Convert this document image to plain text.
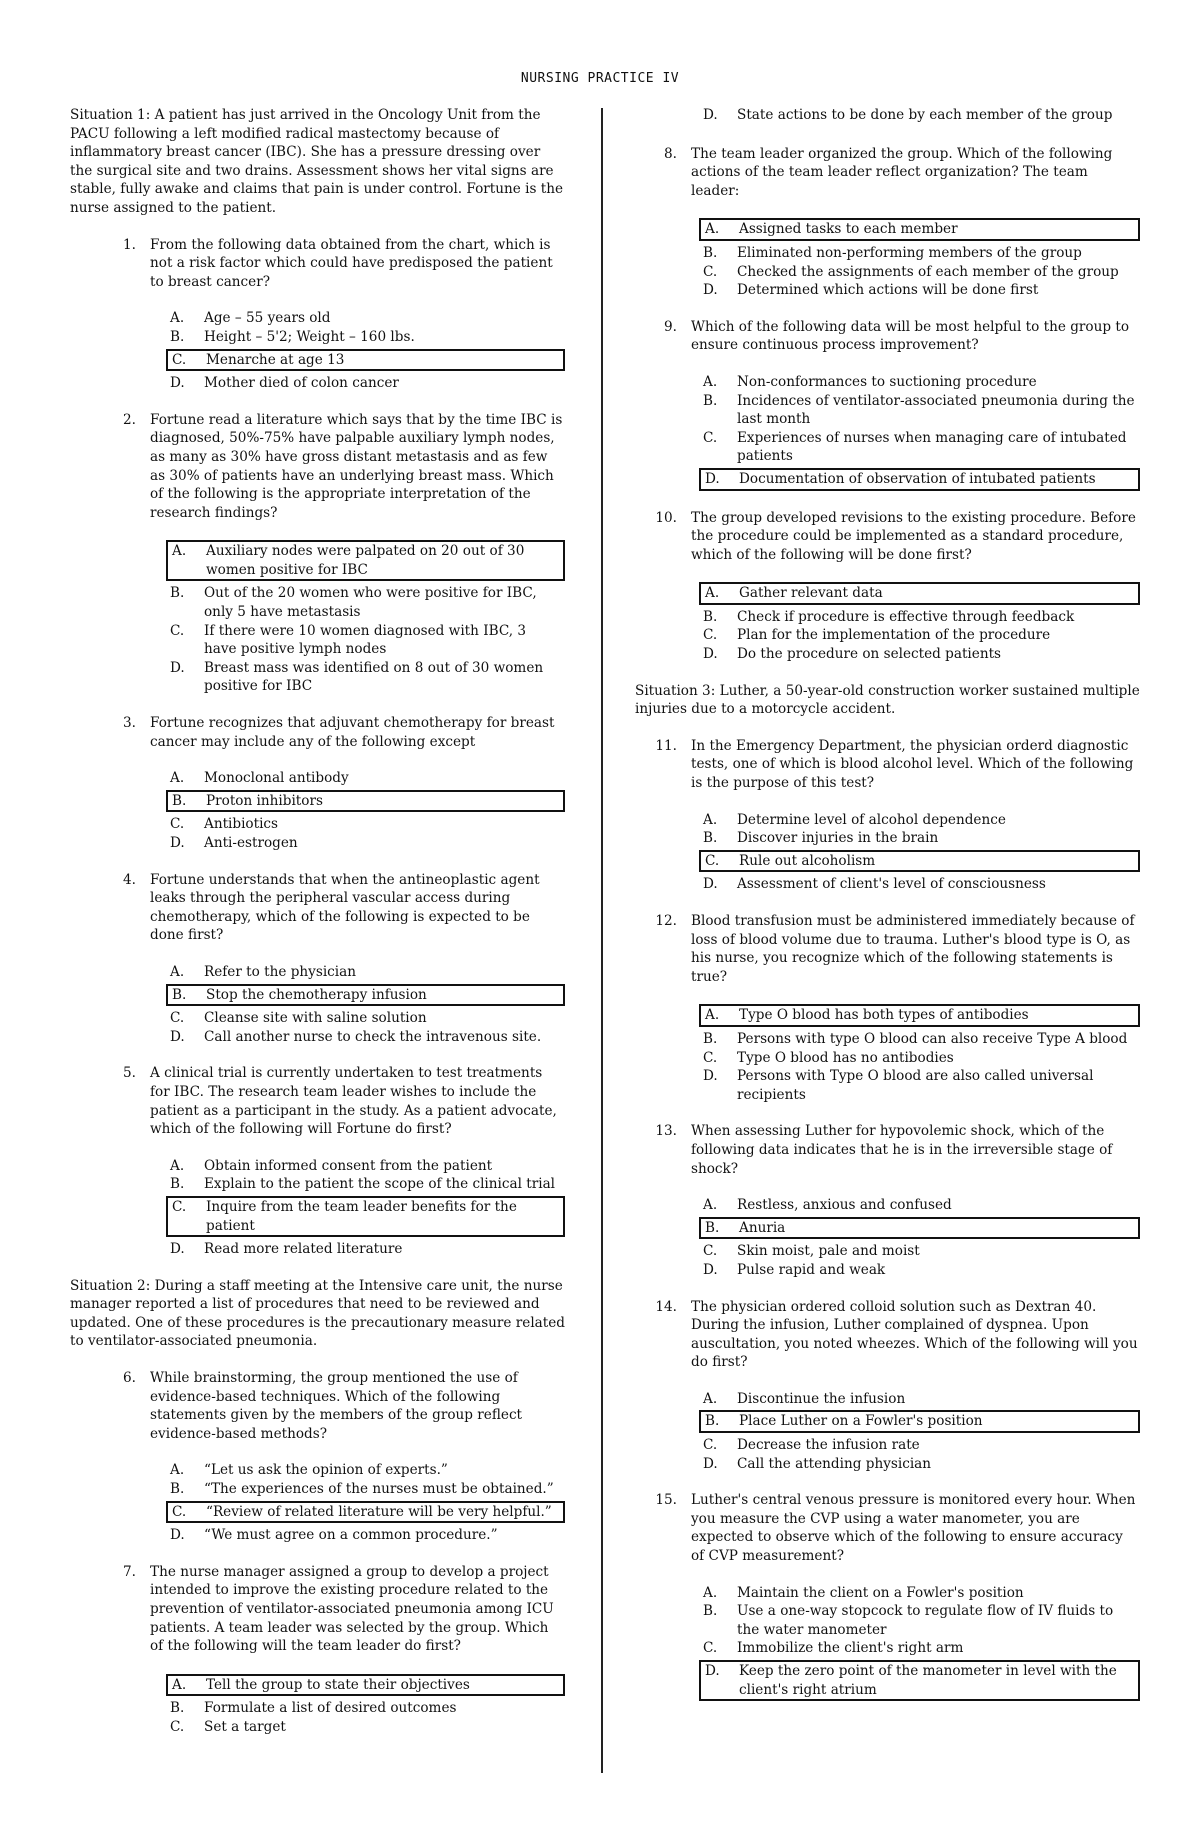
NURSING PRACTICE IV
Situation 1: A patient has just arrived in the Oncology Unit from the PACU following a left modified radical mastectomy because of inflammatory breast cancer (IBC). She has a pressure dressing over the surgical site and two drains. Assessment shows her vital signs are stable, fully awake and claims that pain is under control. Fortune is the nurse assigned to the patient.
1.	From the following data obtained from the chart, which is not a risk factor which could have predisposed the patient to breast cancer?
A.	Age – 55 years old
B.	Height – 5'2; Weight – 160 lbs.
C.	Menarche at age 13
D.	Mother died of colon cancer
2.	Fortune read a literature which says that by the time IBC is diagnosed, 50%-75% have palpable auxiliary lymph nodes, as many as 30% have gross distant metastasis and as few as 30% of patients have an underlying breast mass. Which of the following is the appropriate interpretation of the research findings?
A.	Auxiliary nodes were palpated on 20 out of 30 women positive for IBC
B.	Out of the 20 women who were positive for IBC, only 5 have metastasis
C.	If there were 10 women diagnosed with IBC, 3 have positive lymph nodes
D.	Breast mass was identified on 8 out of 30 women positive for IBC
3.	Fortune recognizes that adjuvant chemotherapy for breast cancer may include any of the following except
A.	Monoclonal antibody
B.	Proton inhibitors
C.	Antibiotics
D.	Anti-estrogen
4.	Fortune understands that when the antineoplastic agent leaks through the peripheral vascular access during chemotherapy, which of the following is expected to be done first?
A.	Refer to the physician
B.	Stop the chemotherapy infusion
C.	Cleanse site with saline solution
D.	Call another nurse to check the intravenous site.
5.	A clinical trial is currently undertaken to test treatments for IBC. The research team leader wishes to include the patient as a participant in the study. As a patient advocate, which of the following will Fortune do first?
A.	Obtain informed consent from the patient
B.	Explain to the patient the scope of the clinical trial
C.	Inquire from the team leader benefits for the patient
D.	Read more related literature
Situation 2: During a staff meeting at the Intensive care unit, the nurse manager reported a list of procedures that need to be reviewed and updated. One of these procedures is the precautionary measure related to ventilator-associated pneumonia.
6.	While brainstorming, the group mentioned the use of evidence-based techniques. Which of the following statements given by the members of the group reflect evidence-based methods?
A.	“Let us ask the opinion of experts.”
B.	“The experiences of the nurses must be obtained.”
C.	“Review of related literature will be very helpful.”
D.	“We must agree on a common procedure.”
7.	The nurse manager assigned a group to develop a project intended to improve the existing procedure related to the prevention of ventilator-associated pneumonia among ICU patients. A team leader was selected by the group. Which of the following will the team leader do first?
A.	Tell the group to state their objectives
B.	Formulate a list of desired outcomes
C.	Set a target
D.	State actions to be done by each member of the group
8.	The team leader organized the group. Which of the following actions of the team leader reflect organization? The team leader:
A.	Assigned tasks to each member
B.	Eliminated non-performing members of the group
C.	Checked the assignments of each member of the group
D.	Determined which actions will be done first
9.	Which of the following data will be most helpful to the group to ensure continuous process improvement?
A.	Non-conformances to suctioning procedure
B.	Incidences of ventilator-associated pneumonia during the last month
C.	Experiences of nurses when managing care of intubated patients
D.	Documentation of observation of intubated patients
10.	The group developed revisions to the existing procedure. Before the procedure could be implemented as a standard procedure, which of the following will be done first?
A.	Gather relevant data
B.	Check if procedure is effective through feedback
C.	Plan for the implementation of the procedure
D.	Do the procedure on selected patients
Situation 3: Luther, a 50-year-old construction worker sustained multiple injuries due to a motorcycle accident.
11.	In the Emergency Department, the physician orderd diagnostic tests, one of which is blood alcohol level. Which of the following is the purpose of this test?
A.	Determine level of alcohol dependence
B.	Discover injuries in the brain
C.	Rule out alcoholism
D.	Assessment of client's level of consciousness
12.	Blood transfusion must be administered immediately because of loss of blood volume due to trauma. Luther's blood type is O, as his nurse, you recognize which of the following statements is true?
A.	Type O blood has both types of antibodies
B.	Persons with type O blood can also receive Type A blood
C.	Type O blood has no antibodies
D.	Persons with Type O blood are also called universal recipients
13.	When assessing Luther for hypovolemic shock, which of the following data indicates that he is in the irreversible stage of shock?
A.	Restless, anxious and confused
B.	Anuria
C.	Skin moist, pale and moist
D.	Pulse rapid and weak
14.	The physician ordered colloid solution such as Dextran 40. During the infusion, Luther complained of dyspnea. Upon auscultation, you noted wheezes. Which of the following will you do first?
A.	Discontinue the infusion
B.	Place Luther on a Fowler's position
C.	Decrease the infusion rate
D.	Call the attending physician
15.	Luther's central venous pressure is monitored every hour. When you measure the CVP using a water manometer, you are expected to observe which of the following to ensure accuracy of CVP measurement?
A.	Maintain the client on a Fowler's position
B.	Use a one-way stopcock to regulate flow of IV fluids to the water manometer
C.	Immobilize the client's right arm
D.	Keep the zero point of the manometer in level with the client's right atrium
